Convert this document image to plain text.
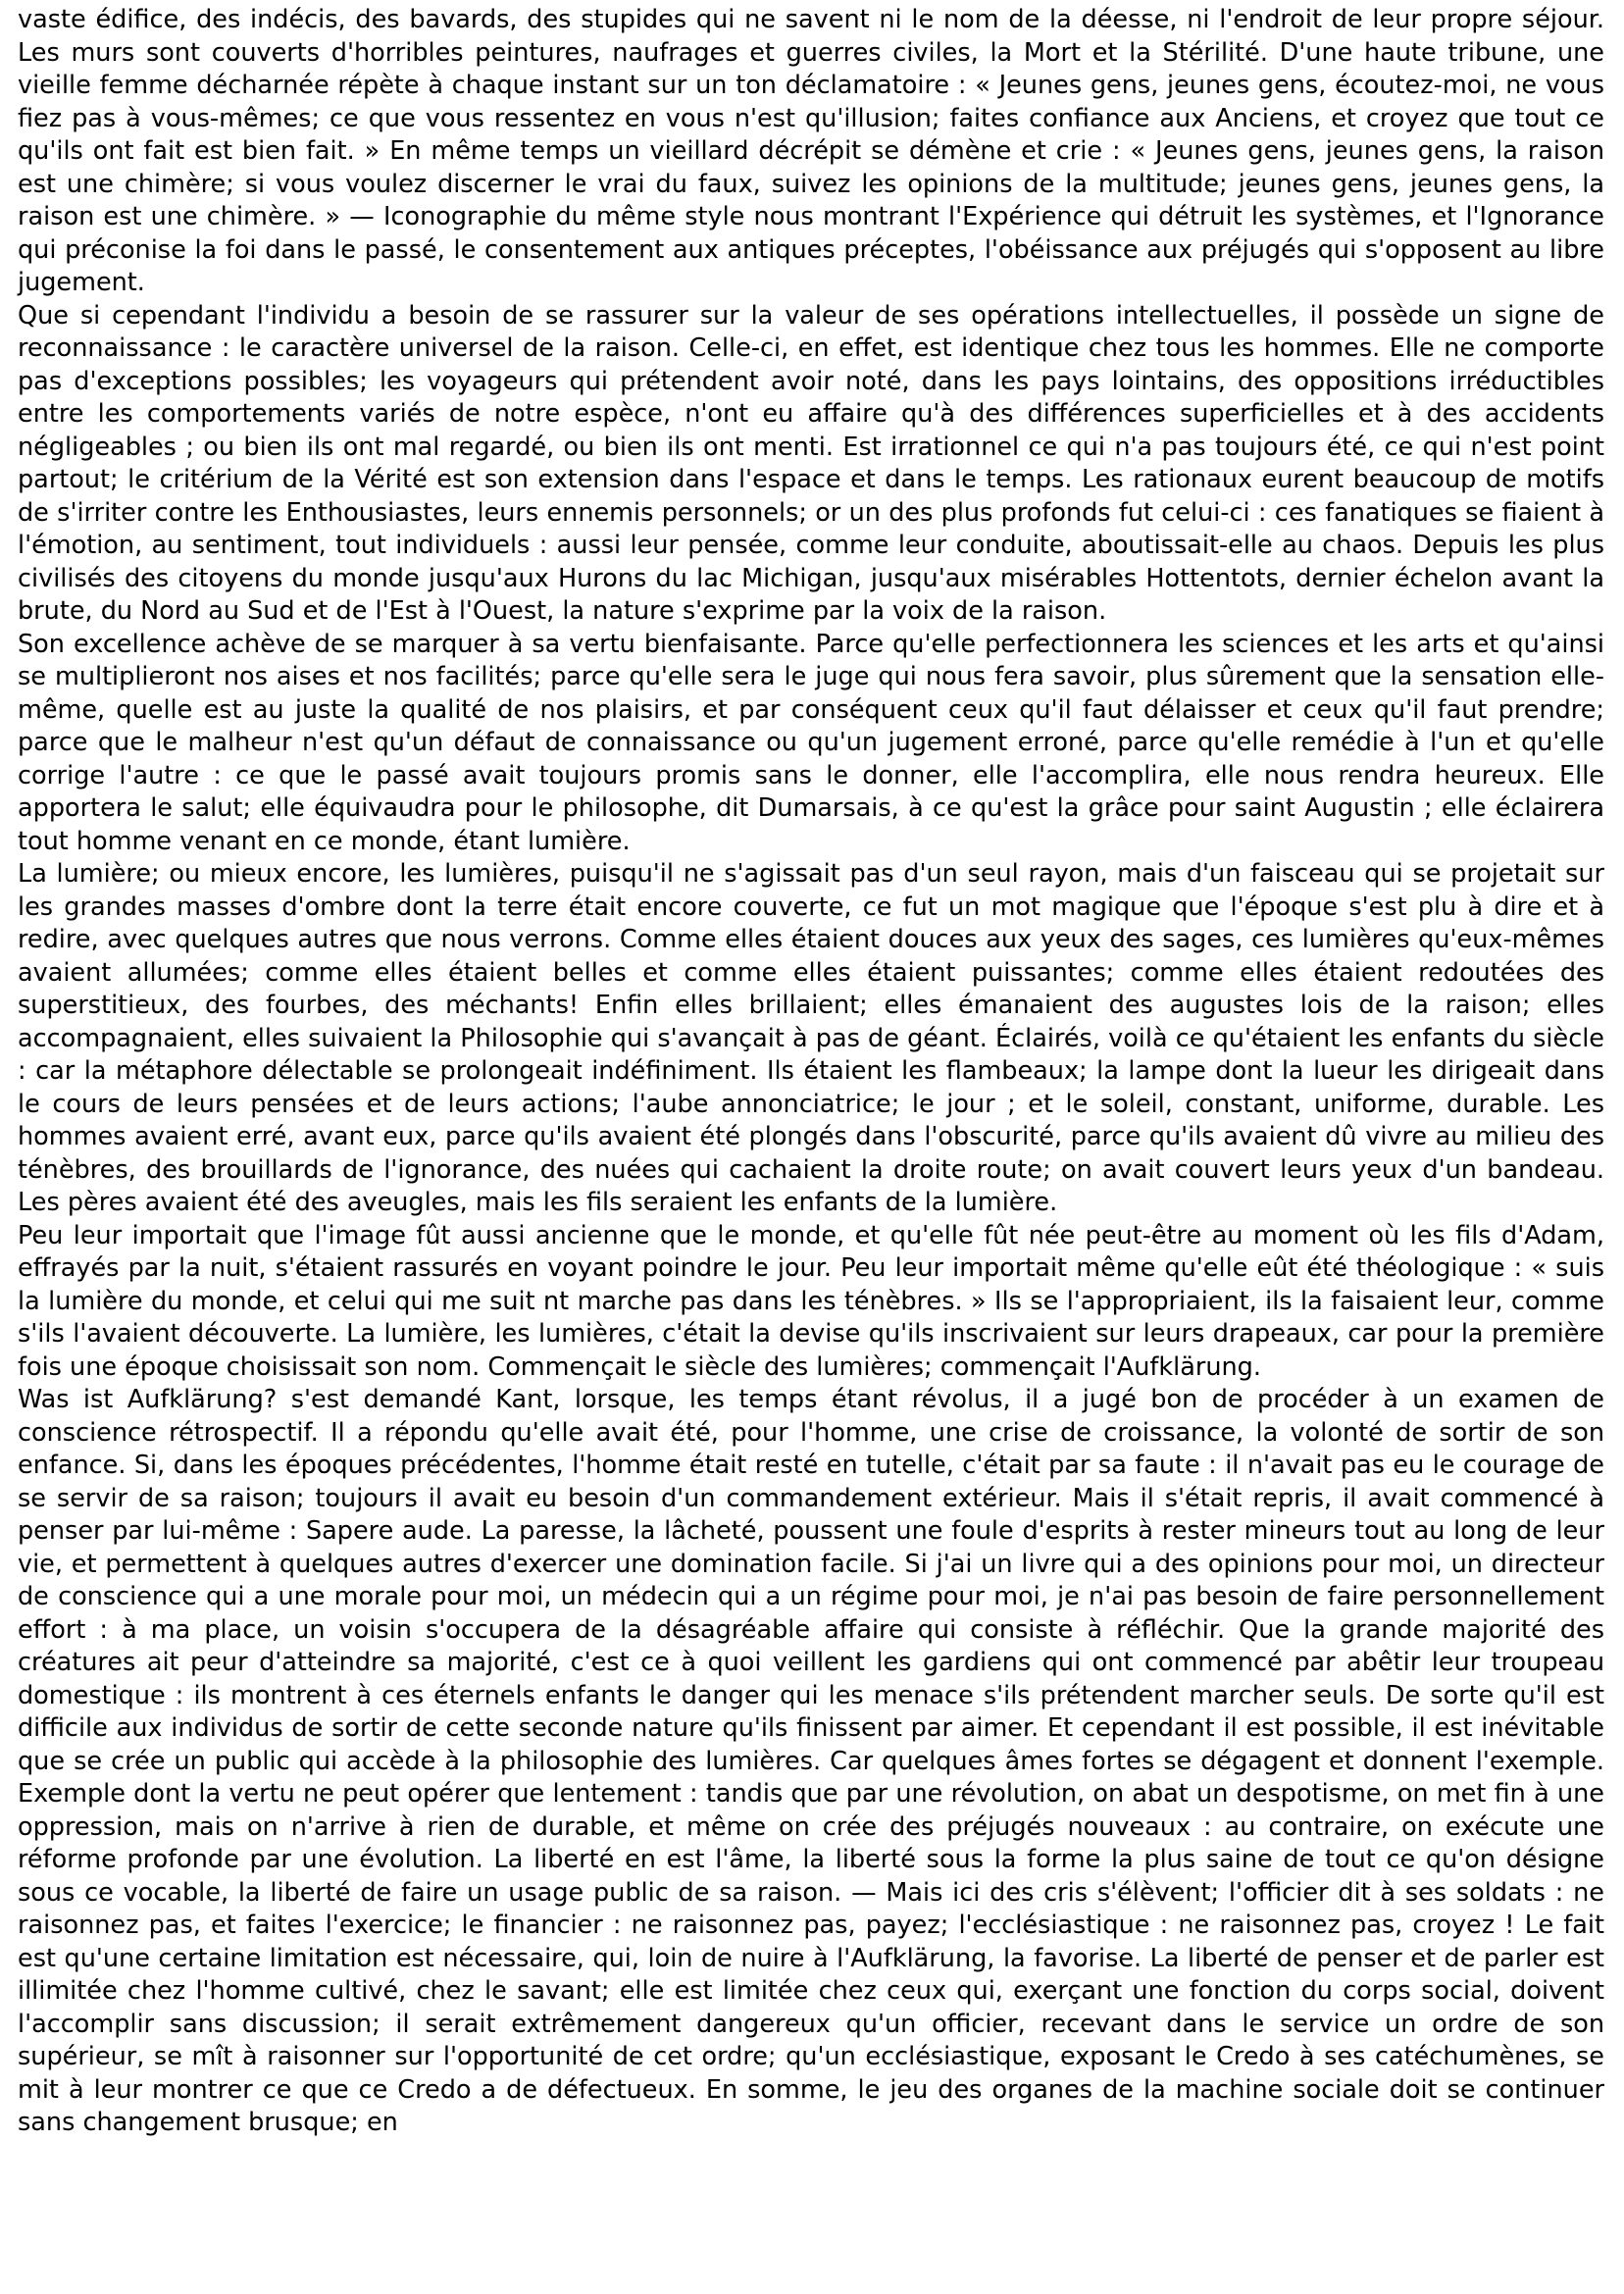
vaste édifice, des indécis, des bavards, des stupides qui ne savent ni le nom de la déesse, ni l'endroit de leur propre séjour. Les murs sont couverts d'horribles peintures, naufrages et guerres civiles, la Mort et la Stérilité. D'une haute tribune, une vieille femme décharnée répète à chaque instant sur un ton déclamatoire : « Jeunes gens, jeunes gens, écoutez-moi, ne vous fiez pas à vous-mêmes; ce que vous ressentez en vous n'est qu'illusion; faites confiance aux Anciens, et croyez que tout ce qu'ils ont fait est bien fait. » En même temps un vieillard décrépit se démène et crie : « Jeunes gens, jeunes gens, la raison est une chimère; si vous voulez discerner le vrai du faux, suivez les opinions de la multitude; jeunes gens, jeunes gens, la raison est une chimère. » — Iconographie du même style nous montrant l'Expérience qui détruit les systèmes, et l'Ignorance qui préconise la foi dans le passé, le consentement aux antiques préceptes, l'obéissance aux préjugés qui s'opposent au libre jugement.

Que si cependant l'individu a besoin de se rassurer sur la valeur de ses opérations intellectuelles, il possède un signe de reconnaissance : le caractère universel de la raison. Celle-ci, en effet, est identique chez tous les hommes. Elle ne comporte pas d'exceptions possibles; les voyageurs qui prétendent avoir noté, dans les pays lointains, des oppositions irréductibles entre les comportements variés de notre espèce, n'ont eu affaire qu'à des différences superficielles et à des accidents négligeables ; ou bien ils ont mal regardé, ou bien ils ont menti. Est irrationnel ce qui n'a pas toujours été, ce qui n'est point partout; le critérium de la Vérité est son extension dans l'espace et dans le temps. Les rationaux eurent beaucoup de motifs de s'irriter contre les Enthousiastes, leurs ennemis personnels; or un des plus profonds fut celui-ci : ces fanatiques se fiaient à l'émotion, au sentiment, tout individuels : aussi leur pensée, comme leur conduite, aboutissait-elle au chaos. Depuis les plus civilisés des citoyens du monde jusqu'aux Hurons du lac Michigan, jusqu'aux misérables Hottentots, dernier échelon avant la brute, du Nord au Sud et de l'Est à l'Ouest, la nature s'exprime par la voix de la raison.

Son excellence achève de se marquer à sa vertu bienfaisante. Parce qu'elle perfectionnera les sciences et les arts et qu'ainsi se multiplieront nos aises et nos facilités; parce qu'elle sera le juge qui nous fera savoir, plus sûrement que la sensation elle-même, quelle est au juste la qualité de nos plaisirs, et par conséquent ceux qu'il faut délaisser et ceux qu'il faut prendre; parce que le malheur n'est qu'un défaut de connaissance ou qu'un jugement erroné, parce qu'elle remédie à l'un et qu'elle corrige l'autre : ce que le passé avait toujours promis sans le donner, elle l'accomplira, elle nous rendra heureux. Elle apportera le salut; elle équivaudra pour le philosophe, dit Dumarsais, à ce qu'est la grâce pour saint Augustin ; elle éclairera tout homme venant en ce monde, étant lumière.

La lumière; ou mieux encore, les lumières, puisqu'il ne s'agissait pas d'un seul rayon, mais d'un faisceau qui se projetait sur les grandes masses d'ombre dont la terre était encore couverte, ce fut un mot magique que l'époque s'est plu à dire et à redire, avec quelques autres que nous verrons. Comme elles étaient douces aux yeux des sages, ces lumières qu'eux-mêmes avaient allumées; comme elles étaient belles et comme elles étaient puissantes; comme elles étaient redoutées des superstitieux, des fourbes, des méchants! Enfin elles brillaient; elles émanaient des augustes lois de la raison; elles accompagnaient, elles suivaient la Philosophie qui s'avançait à pas de géant. Éclairés, voilà ce qu'étaient les enfants du siècle : car la métaphore délectable se prolongeait indéfiniment. Ils étaient les flambeaux; la lampe dont la lueur les dirigeait dans le cours de leurs pensées et de leurs actions; l'aube annonciatrice; le jour ; et le soleil, constant, uniforme, durable. Les hommes avaient erré, avant eux, parce qu'ils avaient été plongés dans l'obscurité, parce qu'ils avaient dû vivre au milieu des ténèbres, des brouillards de l'ignorance, des nuées qui cachaient la droite route; on avait couvert leurs yeux d'un bandeau. Les pères avaient été des aveugles, mais les fils seraient les enfants de la lumière.

Peu leur importait que l'image fût aussi ancienne que le monde, et qu'elle fût née peut-être au moment où les fils d'Adam, effrayés par la nuit, s'étaient rassurés en voyant poindre le jour. Peu leur importait même qu'elle eût été théologique : « suis la lumière du monde, et celui qui me suit nt marche pas dans les ténèbres. » Ils se l'appropriaient, ils la faisaient leur, comme s'ils l'avaient découverte. La lumière, les lumières, c'était la devise qu'ils inscrivaient sur leurs drapeaux, car pour la première fois une époque choisissait son nom. Commençait le siècle des lumières; commençait l'Aufklärung.

Was ist Aufklärung? s'est demandé Kant, lorsque, les temps étant révolus, il a jugé bon de procéder à un examen de conscience rétrospectif. Il a répondu qu'elle avait été, pour l'homme, une crise de croissance, la volonté de sortir de son enfance. Si, dans les époques précédentes, l'homme était resté en tutelle, c'était par sa faute : il n'avait pas eu le courage de se servir de sa raison; toujours il avait eu besoin d'un commandement extérieur. Mais il s'était repris, il avait commencé à penser par lui-même : Sapere aude. La paresse, la lâcheté, poussent une foule d'esprits à rester mineurs tout au long de leur vie, et permettent à quelques autres d'exercer une domination facile. Si j'ai un livre qui a des opinions pour moi, un directeur de conscience qui a une morale pour moi, un médecin qui a un régime pour moi, je n'ai pas besoin de faire personnellement effort : à ma place, un voisin s'occupera de la désagréable affaire qui consiste à réfléchir. Que la grande majorité des créatures ait peur d'atteindre sa majorité, c'est ce à quoi veillent les gardiens qui ont commencé par abêtir leur troupeau domestique : ils montrent à ces éternels enfants le danger qui les menace s'ils prétendent marcher seuls. De sorte qu'il est difficile aux individus de sortir de cette seconde nature qu'ils finissent par aimer. Et cependant il est possible, il est inévitable que se crée un public qui accède à la philosophie des lumières. Car quelques âmes fortes se dégagent et donnent l'exemple. Exemple dont la vertu ne peut opérer que lentement : tandis que par une révolution, on abat un despotisme, on met fin à une oppression, mais on n'arrive à rien de durable, et même on crée des préjugés nouveaux : au contraire, on exécute une réforme profonde par une évolution. La liberté en est l'âme, la liberté sous la forme la plus saine de tout ce qu'on désigne sous ce vocable, la liberté de faire un usage public de sa raison. — Mais ici des cris s'élèvent; l'officier dit à ses soldats : ne raisonnez pas, et faites l'exercice; le financier : ne raisonnez pas, payez; l'ecclésiastique : ne raisonnez pas, croyez ! Le fait est qu'une certaine limitation est nécessaire, qui, loin de nuire à l'Aufklärung, la favorise. La liberté de penser et de parler est illimitée chez l'homme cultivé, chez le savant; elle est limitée chez ceux qui, exerçant une fonction du corps social, doivent l'accomplir sans discussion; il serait extrêmement dangereux qu'un officier, recevant dans le service un ordre de son supérieur, se mît à raisonner sur l'opportunité de cet ordre; qu'un ecclésiastique, exposant le Credo à ses catéchumènes, se mit à leur montrer ce que ce Credo a de défectueux. En somme, le jeu des organes de la machine sociale doit se continuer sans changement brusque; en
